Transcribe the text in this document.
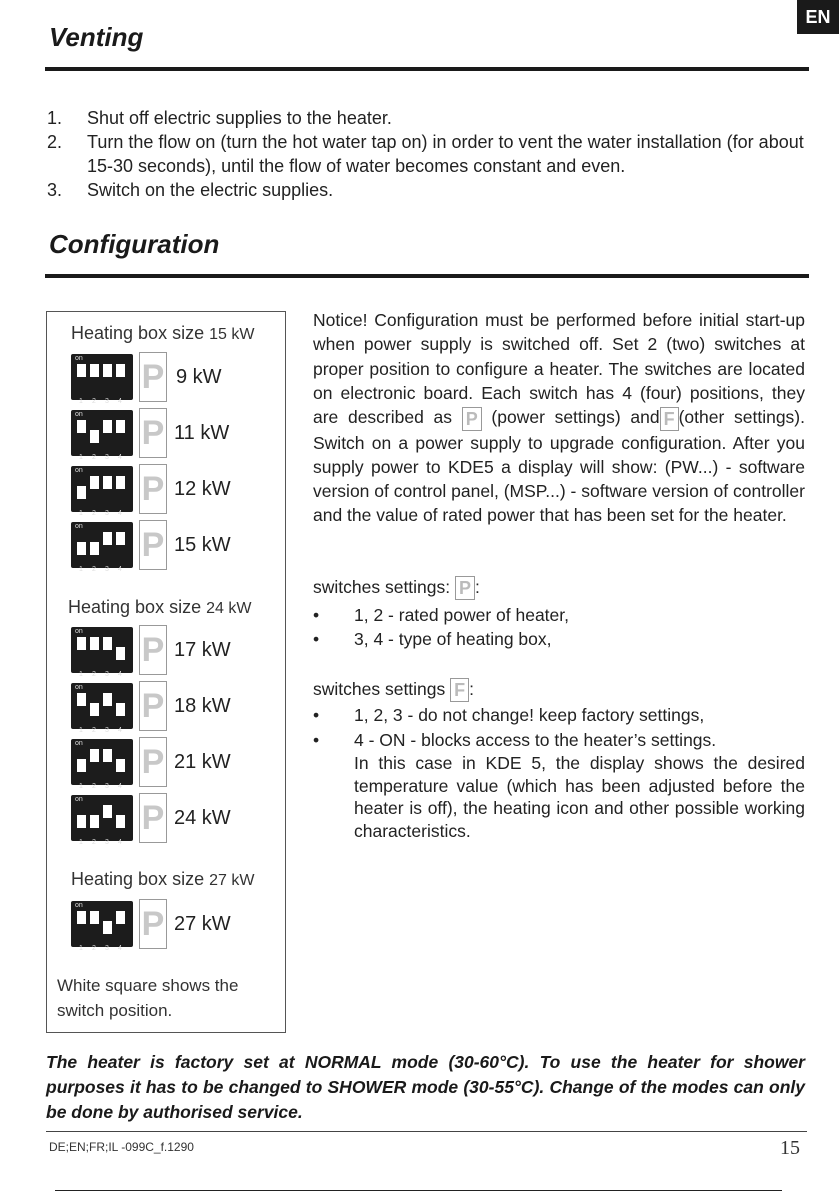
EN
Venting
1.	Shut off electric supplies to the heater.
2.	Turn the flow on (turn the hot water tap on) in order to vent the water installation (for about 15-30 seconds), until the flow of water becomes constant and even.
3.	Switch on the electric supplies.
Configuration
Heating box size 15 kW
Heating box size 24 kW
Heating box size 27 kW
on
1	2	3	4
P 9 kW
on
1	2	3	4
P 11 kW
on
1	2	3	4
P 12 kW
on
1	2	3	4
P 15 kW
on
1	2	3	4
P 17 kW
on
1	2	3	4
P 18 kW
on
1	2	3	4
P 21 kW
on
1	2	3	4
P 24 kW
on
1	2	3	4
P 27 kW
White square shows the switch position.
Notice! Configuration must be performed before initial start-up when power supply is switched off. Set 2 (two) switches at proper position to configure a heater. The switches are located on electronic board. Each switch has 4 (four) positions, they are described as P (power settings) and F (other settings). Switch on a power supply to upgrade configuration. After you supply power to KDE5 a display will show: (PW...) - software version of control panel, (MSP...) - software version of controller and the value of rated power that has been set for the heater.
switches settings: P :
•	1, 2 - rated power of heater,
•	3, 4 - type of heating box,
switches settings F :
•	1, 2, 3 - do not change! keep factory settings,
•	4 - ON - blocks access to the heater’s settings.
In this case in KDE 5, the display shows the desired temperature value (which has been adjusted before the heater is off), the heating icon and other possible working characteristics.
The heater is factory set at NORMAL mode (30-60°C). To use the heater for shower purposes it has to be changed to SHOWER mode (30-55°C). Change of the modes can only be done by authorised service.
DE;EN;FR;IL -099C_f.1290	15
